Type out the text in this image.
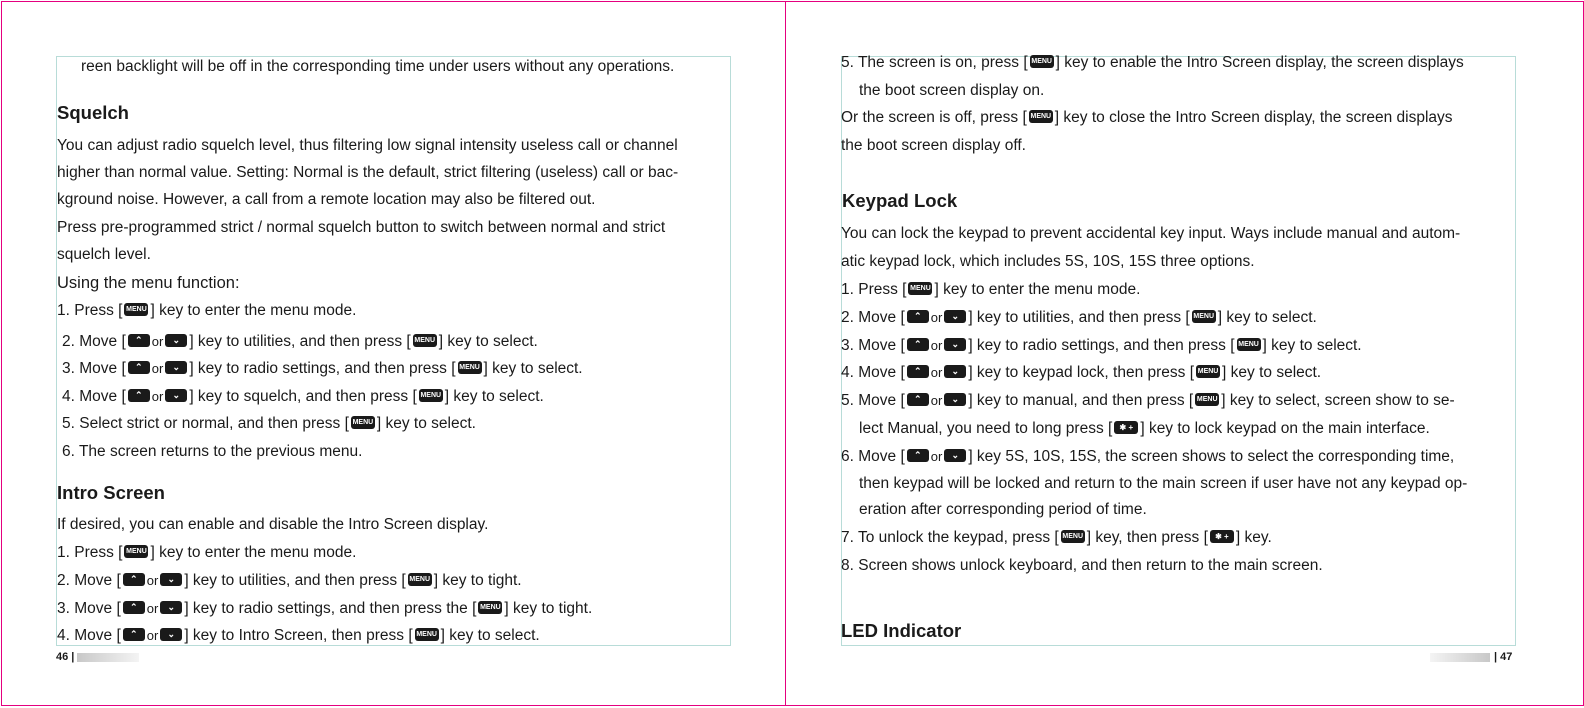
reen backlight will be off in the corresponding time under users without any operations.
Squelch
You can adjust radio squelch level, thus filtering low signal intensity useless call or channel
higher than normal value. Setting: Normal is the default, strict filtering (useless) call or bac-
kground noise. However, a call from a remote location may also be filtered out.
Press pre-programmed strict / normal squelch button to switch between normal and strict
squelch level.
Using the menu function:
1. Press [ MENU ] key to enter the menu mode.
2. Move [ ⌃ or ⌄ ] key to utilities, and then press [ MENU ] key to select.
3. Move [ ⌃ or ⌄ ] key to radio settings, and then press [ MENU ] key to select.
4. Move [ ⌃ or ⌄ ] key to squelch, and then press [ MENU ] key to select.
5. Select strict or normal, and then press [ MENU ] key to select.
6. The screen returns to the previous menu.
Intro Screen
If desired, you can enable and disable the Intro Screen display.
1. Press [ MENU ] key to enter the menu mode.
2. Move [ ⌃ or ⌄ ] key to utilities, and then press [ MENU ] key to tight.
3. Move [ ⌃ or ⌄ ] key to radio settings, and then press the [ MENU ] key to tight.
4. Move [ ⌃ or ⌄ ] key to Intro Screen, then press [ MENU ] key to select.
46 |
5. The screen is on, press [ MENU ] key to enable the Intro Screen display, the screen displays
the boot screen display on.
Or the screen is off, press [ MENU ] key to close the Intro Screen display, the screen displays
the boot screen display off.
Keypad Lock
You can lock the keypad to prevent accidental key input. Ways include manual and autom-
atic keypad lock, which includes 5S, 10S, 15S three options.
1. Press [ MENU ] key to enter the menu mode.
2. Move [ ⌃ or ⌄ ] key to utilities, and then press [ MENU ] key to select.
3. Move [ ⌃ or ⌄ ] key to radio settings, and then press [ MENU ] key to select.
4. Move [ ⌃ or ⌄ ] key to keypad lock, then press [ MENU ] key to select.
5. Move [ ⌃ or ⌄ ] key to manual, and then press [ MENU ] key to select, screen show to se-
lect Manual, you need to long press [ ✱ + ] key to lock keypad on the main interface.
6. Move [ ⌃ or ⌄ ] key 5S, 10S, 15S, the screen shows to select the corresponding time,
then keypad will be locked and return to the main screen if user have not any keypad op-
eration after corresponding period of time.
7. To unlock the keypad, press [ MENU ] key, then press [ ✱ + ] key.
8. Screen shows unlock keyboard, and then return to the main screen.
LED Indicator
| 47
